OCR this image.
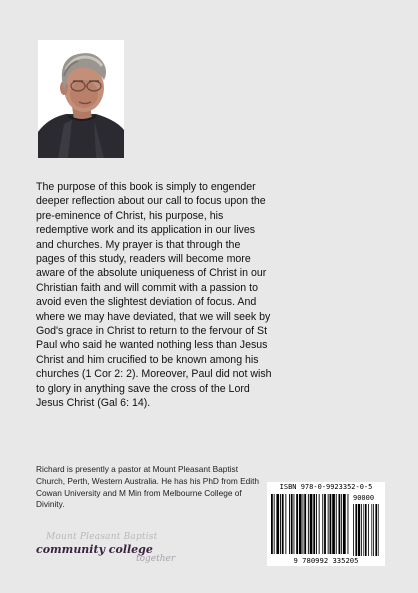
The purpose of this book is simply to engender deeper reflection about our call to focus upon the pre-eminence of Christ, his purpose, his redemptive work and its application in our lives and churches. My prayer is that through the pages of this study, readers will become more aware of the absolute uniqueness of Christ in our Christian faith and will commit with a passion to avoid even the slightest deviation of focus. And where we may have deviated, that we will seek by God's grace in Christ to return to the fervour of St Paul who said he wanted nothing less than Jesus Christ and him crucified to be known among his churches (1 Cor 2: 2). Moreover, Paul did not wish to glory in anything save the cross of the Lord Jesus Christ (Gal 6: 14).

Richard is presently a pastor at Mount Pleasant Baptist Church, Perth, Western Australia. He has his PhD from Edith Cowan University and M Min from Melbourne College of Divinity.

Mount Pleasant Baptist
community college
together
ISBN 978-0-9923352-0-5
90000
9 780992 335205
